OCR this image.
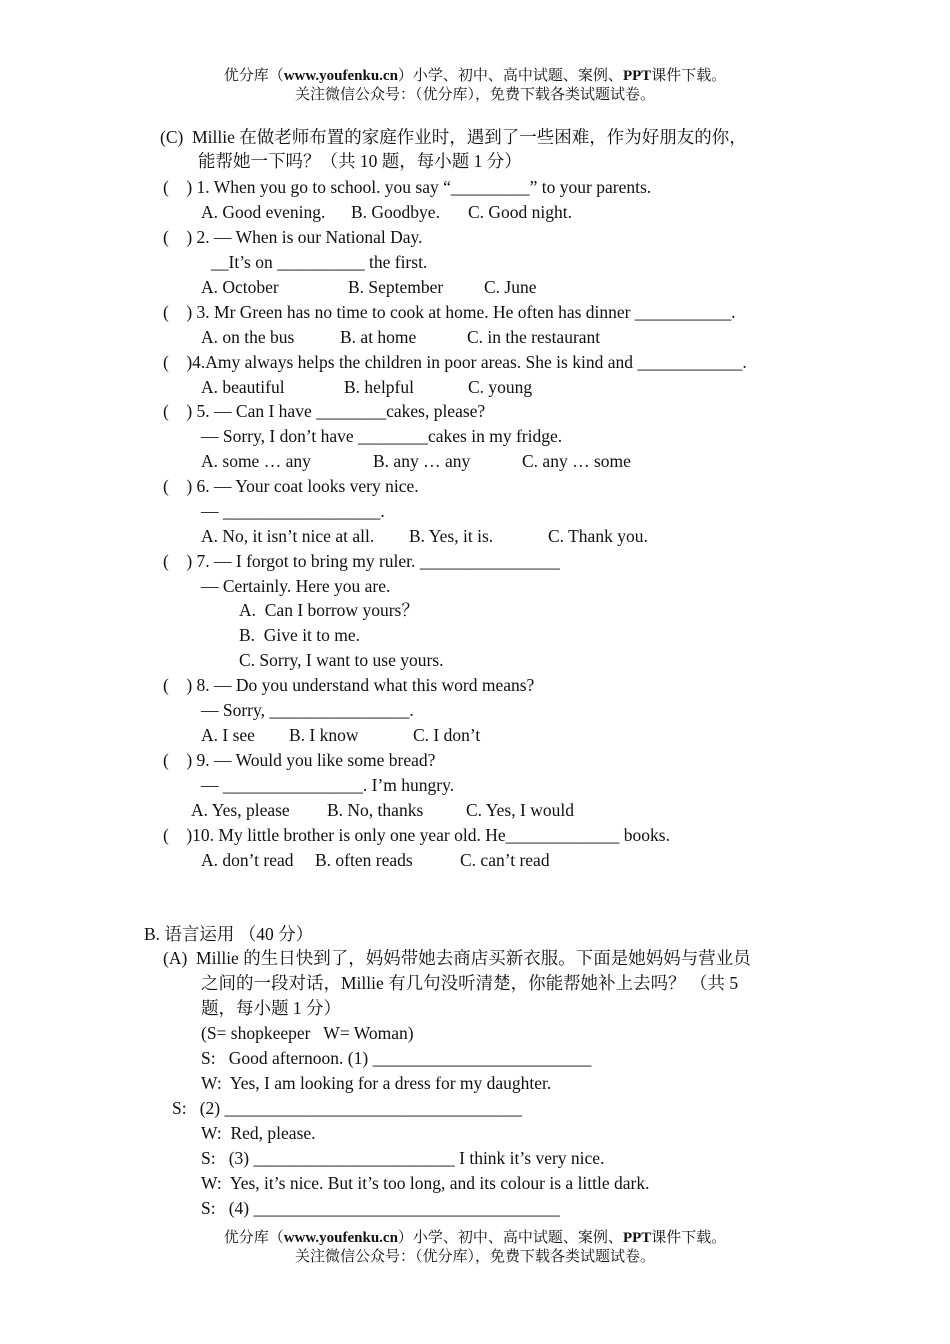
优分库（www.youfenku.cn）小学、初中、高中试题、案例、PPT课件下载。
关注微信公众号：（优分库），免费下载各类试题试卷。
(C)  Millie 在做老师布置的家庭作业时，遇到了一些困难，作为好朋友的你，
能帮她一下吗？（共 10 题，每小题 1 分）
(    ) 1. When you go to school. you say “_________” to your parents.
A. Good evening. B. Goodbye. C. Good night.
(    ) 2. — When is our National Day.
__It’s on __________ the first.
A. October	B. September C. June
(    ) 3. Mr Green has no time to cook at home. He often has dinner ___________.
A. on the bus	B. at home	C. in the restaurant
(    )4.Amy always helps the children in poor areas. She is kind and ____________.
A. beautiful	B. helpful	C. young
(    ) 5. — Can I have ________cakes, please?
— Sorry, I don’t have ________cakes in my fridge.
A. some … any	B. any … any	C. any … some
(    ) 6. — Your coat looks very nice.
— __________________.
A. No, it isn’t nice at all. B. Yes, it is.	C. Thank you.
(    ) 7. — I forgot to bring my ruler. ________________
— Certainly. Here you are.
A.  Can I borrow yours？
B.  Give it to me.
C. Sorry, I want to use yours.
(    ) 8. — Do you understand what this word means?
— Sorry, ________________.
A. I see B. I know	C. I don’t
(    ) 9. — Would you like some bread?
— ________________. I’m hungry.
A. Yes, please B. No, thanks C. Yes, I would
(    )10. My little brother is only one year old. He_____________ books.
A. don’t read B. often reads	C. can’t read
B. 语言运用 （40 分）
(A)  Millie 的生日快到了，妈妈带她去商店买新衣服。下面是她妈妈与营业员
之间的一段对话，Millie 有几句没听清楚，你能帮她补上去吗？ （共 5
题，每小题 1 分）
(S= shopkeeper   W= Woman)
S:   Good afternoon. (1) _________________________
W:  Yes, I am looking for a dress for my daughter.
S:   (2) __________________________________
W:  Red, please.
S:   (3) _______________________ I think it’s very nice.
W:  Yes, it’s nice. But it’s too long, and its colour is a little dark.
S:   (4) ___________________________________
优分库（www.youfenku.cn）小学、初中、高中试题、案例、PPT课件下载。
关注微信公众号：（优分库），免费下载各类试题试卷。
